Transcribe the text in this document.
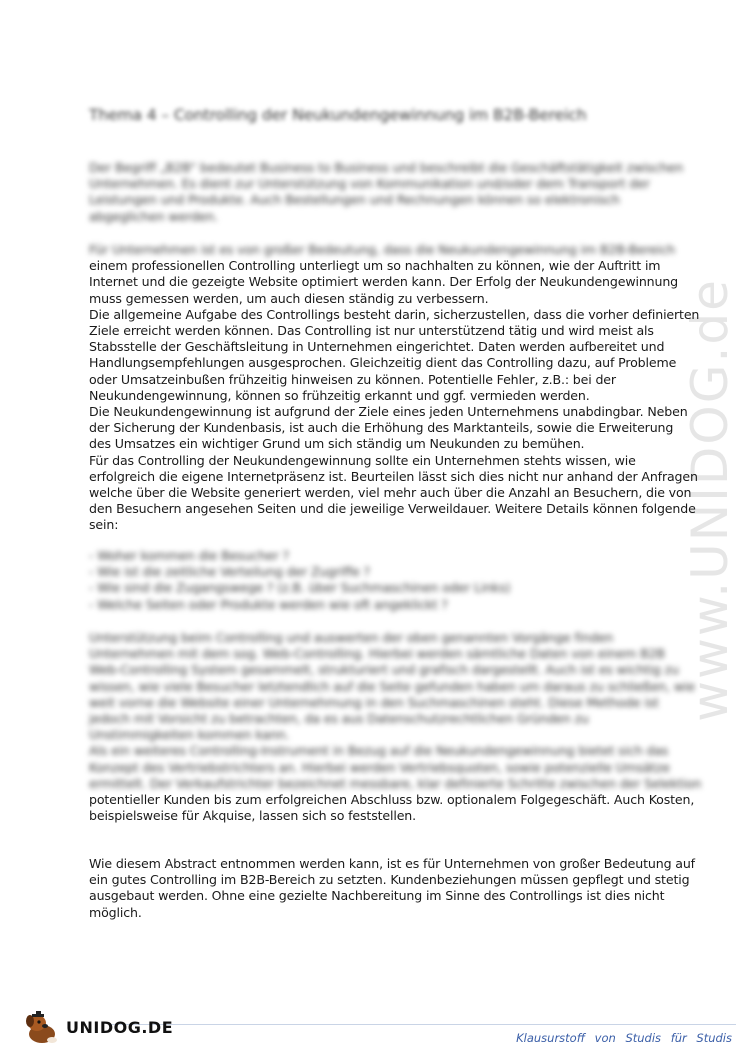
www.UNIDOG.de
Thema 4 – Controlling der Neukundengewinnung im B2B-Bereich

Der Begriff „B2B“ bedeutet Business to Business und beschreibt die Geschäftstätigkeit zwischen

Unternehmen. Es dient zur Unterstützung von Kommunikation und/oder dem Transport der

Leistungen und Produkte. Auch Bestellungen und Rechnungen können so elektronisch

abgeglichen werden.

Für Unternehmen ist es von großer Bedeutung, dass die Neukundengewinnung im B2B-Bereich

einem professionellen Controlling unterliegt um so nachhalten zu können, wie der Auftritt im

Internet und die gezeigte Website optimiert werden kann. Der Erfolg der Neukundengewinnung

muss gemessen werden, um auch diesen ständig zu verbessern.

Die allgemeine Aufgabe des Controllings besteht darin, sicherzustellen, dass die vorher definierten

Ziele erreicht werden können. Das Controlling ist nur unterstützend tätig und wird meist als

Stabsstelle der Geschäftsleitung in Unternehmen eingerichtet. Daten werden aufbereitet und

Handlungsempfehlungen ausgesprochen. Gleichzeitig dient das Controlling dazu, auf Probleme

oder Umsatzeinbußen frühzeitig hinweisen zu können. Potentielle Fehler, z.B.: bei der

Neukundengewinnung, können so frühzeitig erkannt und ggf. vermieden werden.

Die Neukundengewinnung ist aufgrund der Ziele eines jeden Unternehmens unabdingbar. Neben

der Sicherung der Kundenbasis, ist auch die Erhöhung des Marktanteils, sowie die Erweiterung

des Umsatzes ein wichtiger Grund um sich ständig um Neukunden zu bemühen.

Für das Controlling der Neukundengewinnung sollte ein Unternehmen stehts wissen, wie

erfolgreich die eigene Internetpräsenz ist. Beurteilen lässt sich dies nicht nur anhand der Anfragen

welche über die Website generiert werden, viel mehr auch über die Anzahl an Besuchern, die von

den Besuchern angesehen Seiten und die jeweilige Verweildauer. Weitere Details können folgende

sein:

- Woher kommen die Besucher ?

- Wie ist die zeitliche Verteilung der Zugriffe ?

- Wie sind die Zugangswege ? (z.B. über Suchmaschinen oder Links)

- Welche Seiten oder Produkte werden wie oft angeklickt ?

Unterstützung beim Controlling und auswerten der oben genannten Vorgänge finden

Unternehmen mit dem sog. Web-Controlling. Hierbei werden sämtliche Daten von einem B2B

Web-Controlling System gesammelt, strukturiert und grafisch dargestellt. Auch ist es wichtig zu

wissen, wie viele Besucher letztendlich auf die Seite gefunden haben um daraus zu schließen, wie

weit vorne die Website einer Unternehmung in den Suchmaschinen steht. Diese Methode ist

jedoch mit Vorsicht zu betrachten, da es aus Datenschutzrechtlichen Gründen zu

Unstimmigkeiten kommen kann.

Als ein weiteres Controlling-Instrument in Bezug auf die Neukundengewinnung bietet sich das

Konzept des Vertriebstrichters an. Hierbei werden Vertriebsquoten, sowie potenzielle Umsätze

ermittelt. Der Verkaufstrichter bezeichnet messbare, klar definierte Schritte zwischen der Selektion

potentieller Kunden bis zum erfolgreichen Abschluss bzw. optionalem Folgegeschäft. Auch Kosten,

beispielsweise für Akquise, lassen sich so feststellen.

Wie diesem Abstract entnommen werden kann, ist es für Unternehmen von großer Bedeutung auf

ein gutes Controlling im B2B-Bereich zu setzten. Kundenbeziehungen müssen gepflegt und stetig

ausgebaut werden. Ohne eine gezielte Nachbereitung im Sinne des Controllings ist dies nicht

möglich.

UNIDOG.DE
Klausurstoff von Studis für Studis
